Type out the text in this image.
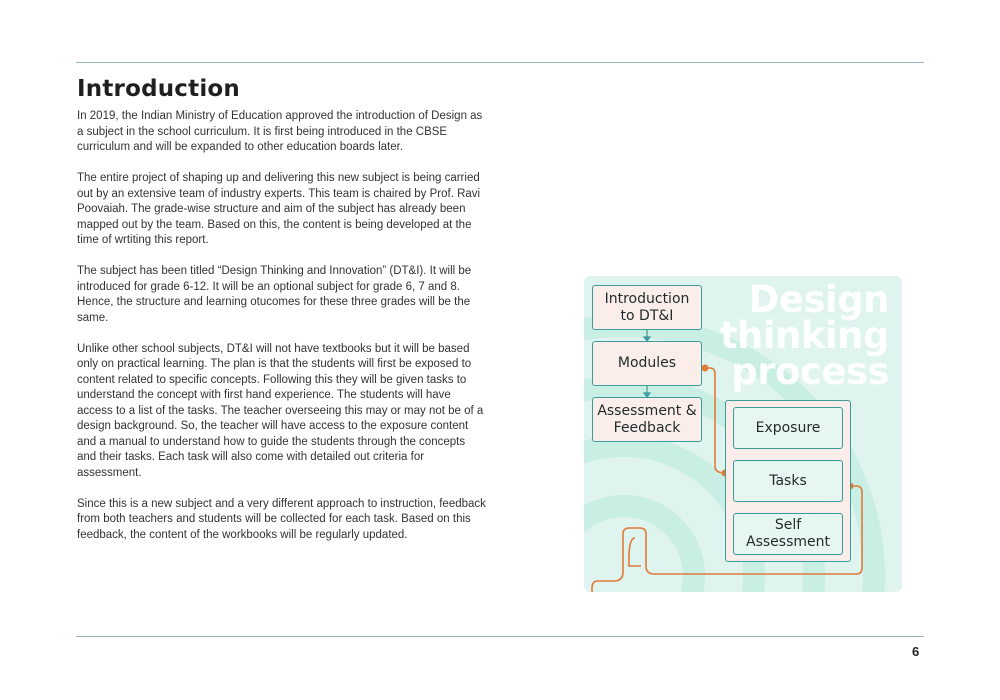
Introduction

In 2019, the Indian Ministry of Education approved the introduction of Design as a subject in the school curriculum. It is first being introduced in the CBSE curriculum and will be expanded to other education boards later.

The entire project of shaping up and delivering this new subject is being carried out by an extensive team of industry experts. This team is chaired by Prof. Ravi Poovaiah. The grade-wise structure and aim of the subject has already been mapped out by the team. Based on this, the content is being developed at the time of wrtiting this report.

The subject has been titled “Design Thinking and Innovation” (DT&I). It will be introduced for grade 6-12. It will be an optional subject for grade 6, 7 and 8. Hence, the structure and learning otucomes for these three grades will be the same.

Unlike other school subjects, DT&I will not have textbooks but it will be based only on practical learning. The plan is that the students will first be exposed to content related to specific concepts. Following this they will be given tasks to understand the concept with first hand experience. The students will have access to a list of the tasks. The teacher overseeing this may or may not be of a design background. So, the teacher will have access to the exposure content and a manual to understand how to guide the students through the concepts and their tasks. Each task will also come with detailed out criteria for assessment.

Since this is a new subject and a very different approach to instruction, feedback from both teachers and students will be collected for each task. Based on this feedback, the content of the workbooks will be regularly updated.

Design
thinking
process
Introduction to DT&I
Modules
Assessment & Feedback	Exposure
Tasks
Self Assessment
6
